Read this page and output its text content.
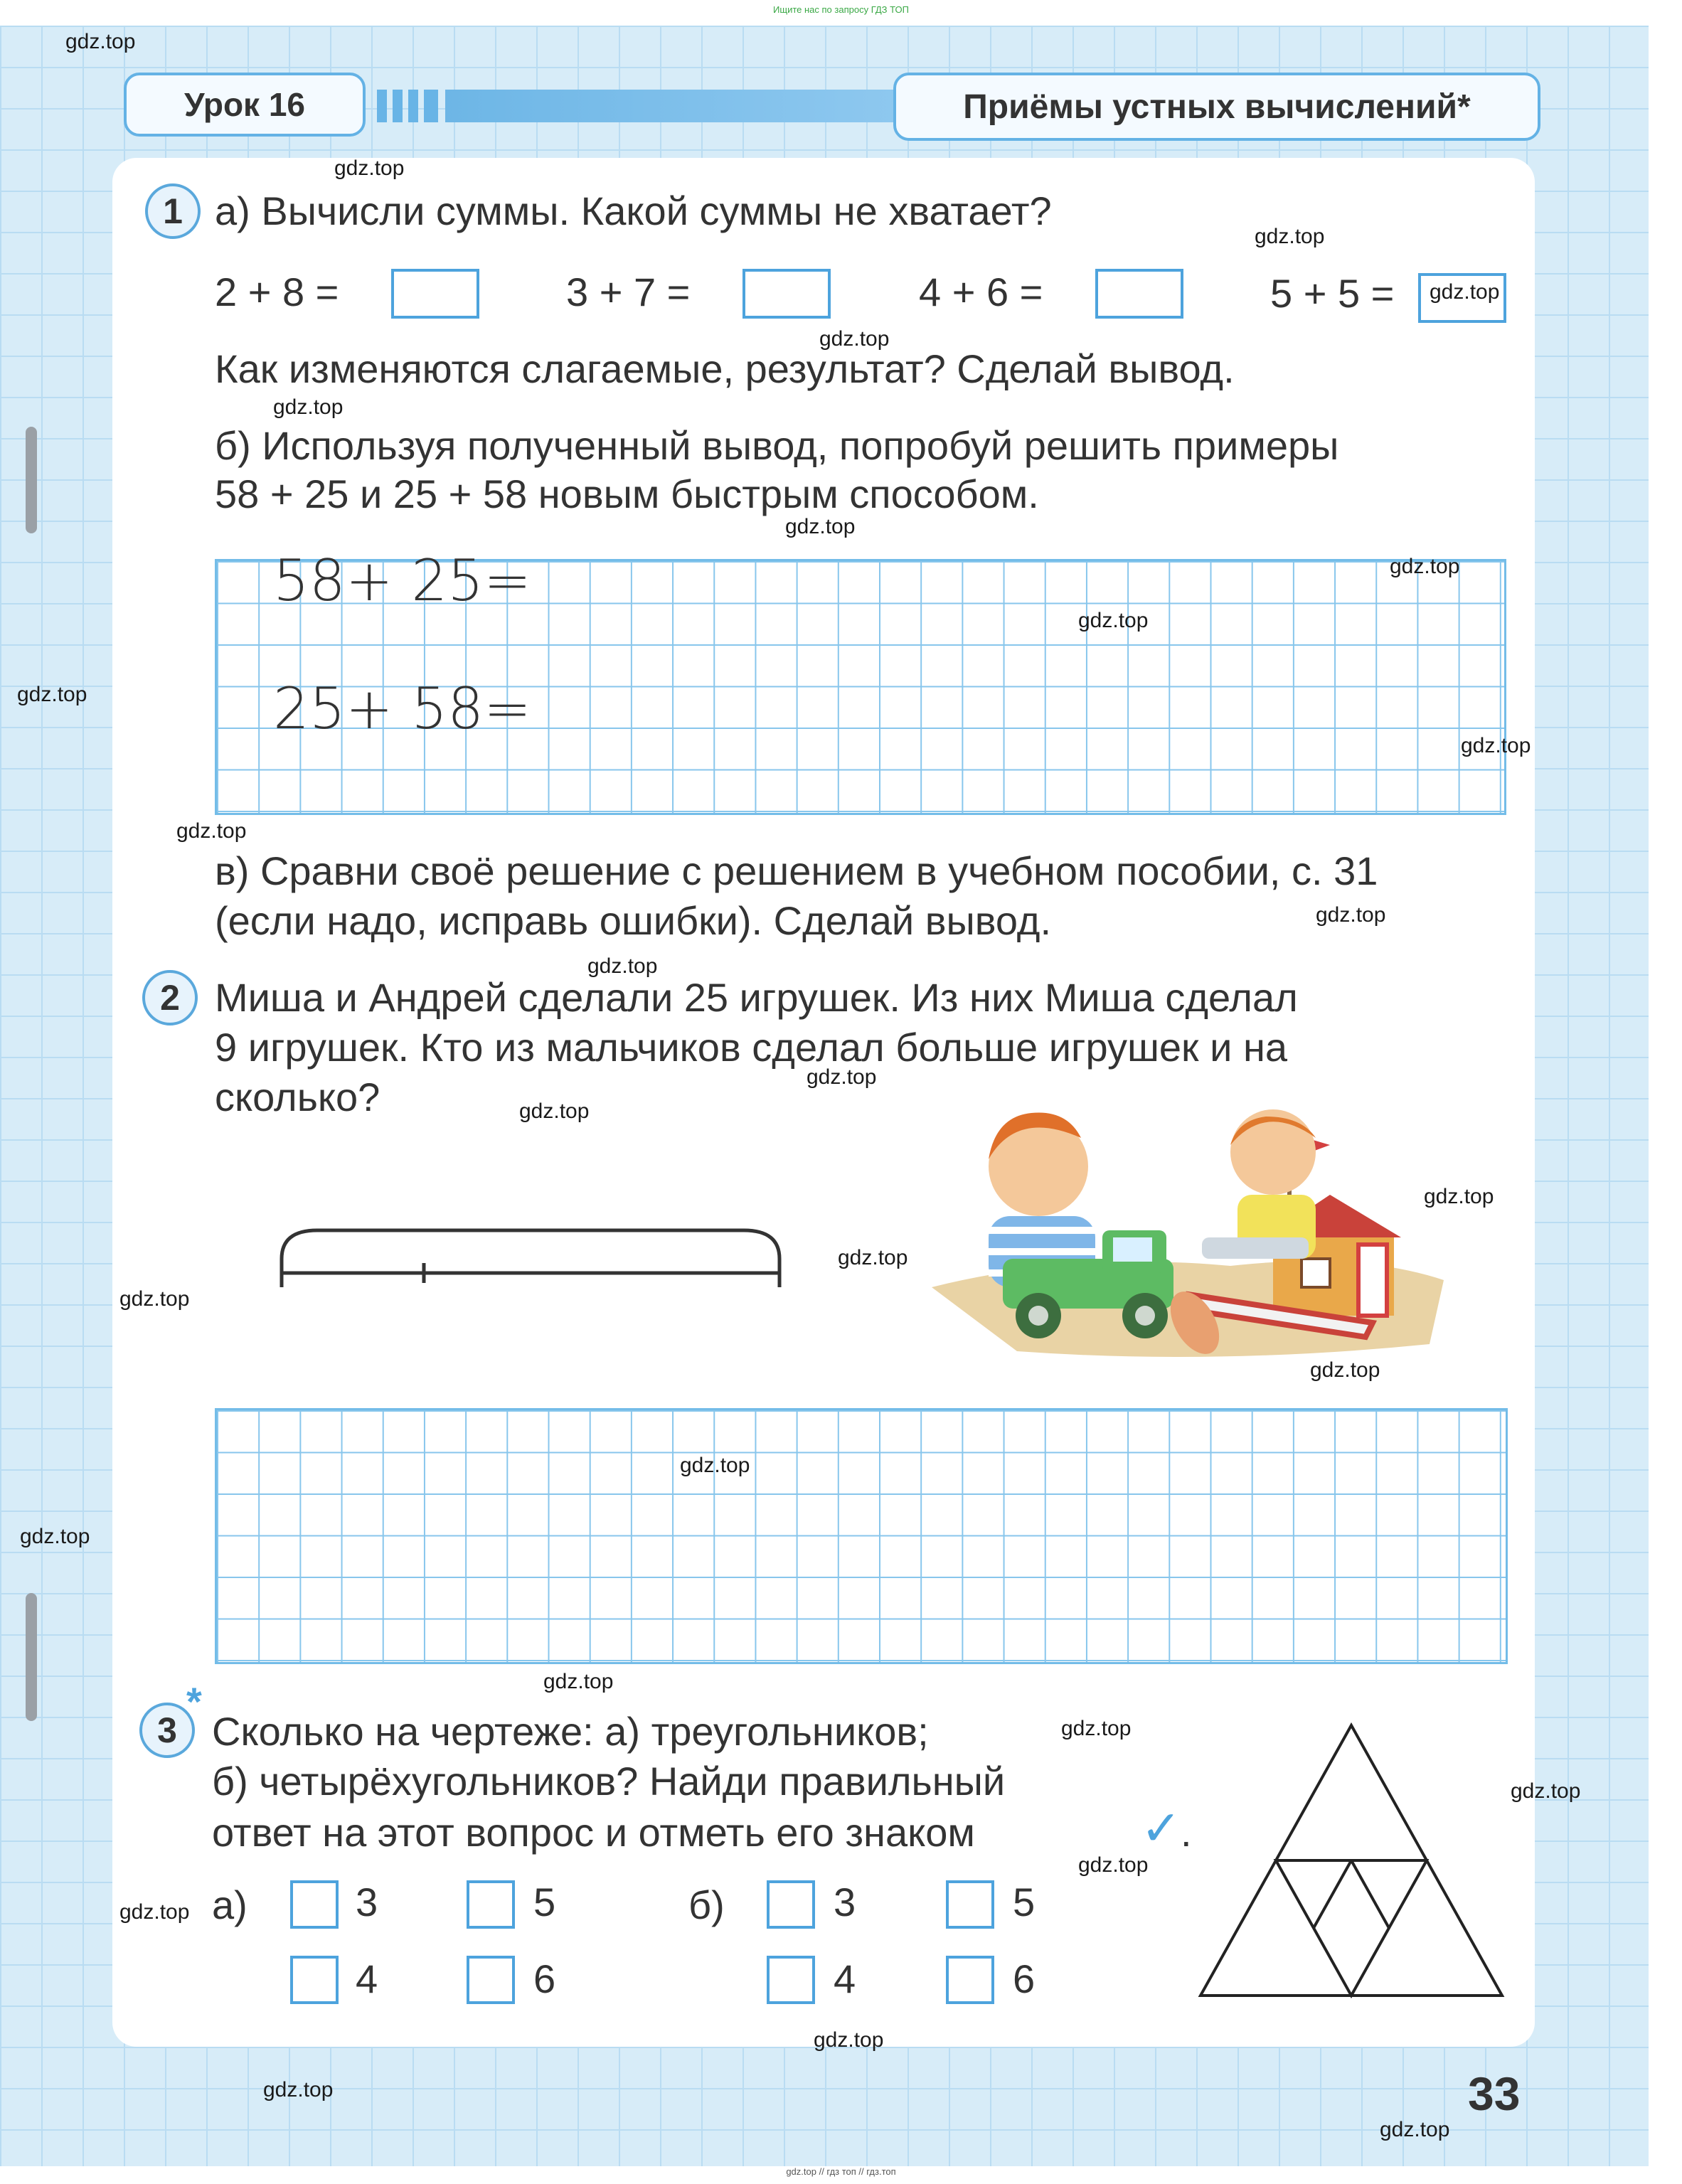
Ищите нас по запросу ГДЗ ТОП
gdz.top // гдз топ // гдз.топ
Урок 16	Приёмы устных вычислений*
1 а) Вычисли суммы. Какой суммы не хватает?
2 + 8 =	3 + 7 =	4 + 6 =	5 + 5 =
Как изменяются слагаемые, результат? Сделай вывод.
б) Используя полученный вывод, попробуй решить примеры
58 + 25 и 25 + 58 новым быстрым способом.
58+ 25=
25+ 58=
в) Сравни своё решение с решением в учебном пособии, с. 31
(если надо, исправь ошибки). Сделай вывод.
2 Миша и Андрей сделали 25 игрушек. Из них Миша сделал
9 игрушек. Кто из мальчиков сделал больше игрушек и на
сколько?
3
*
Сколько на чертеже: а) треугольников;
б) четырёхугольников? Найди правильный
ответ на этот вопрос и отметь его знаком	✓ .
а)	3	5
4	6
б)	3	5
4	6
33
gdz.top
gdz.top
gdz.top
gdz.top
gdz.top
gdz.top
gdz.top
gdz.top
gdz.top
gdz.top
gdz.top
gdz.top
gdz.top
gdz.top
gdz.top
gdz.top
gdz.top
gdz.top
gdz.top
gdz.top
gdz.top
gdz.top
gdz.top
gdz.top
gdz.top
gdz.top
gdz.top
gdz.top
gdz.top
gdz.top
